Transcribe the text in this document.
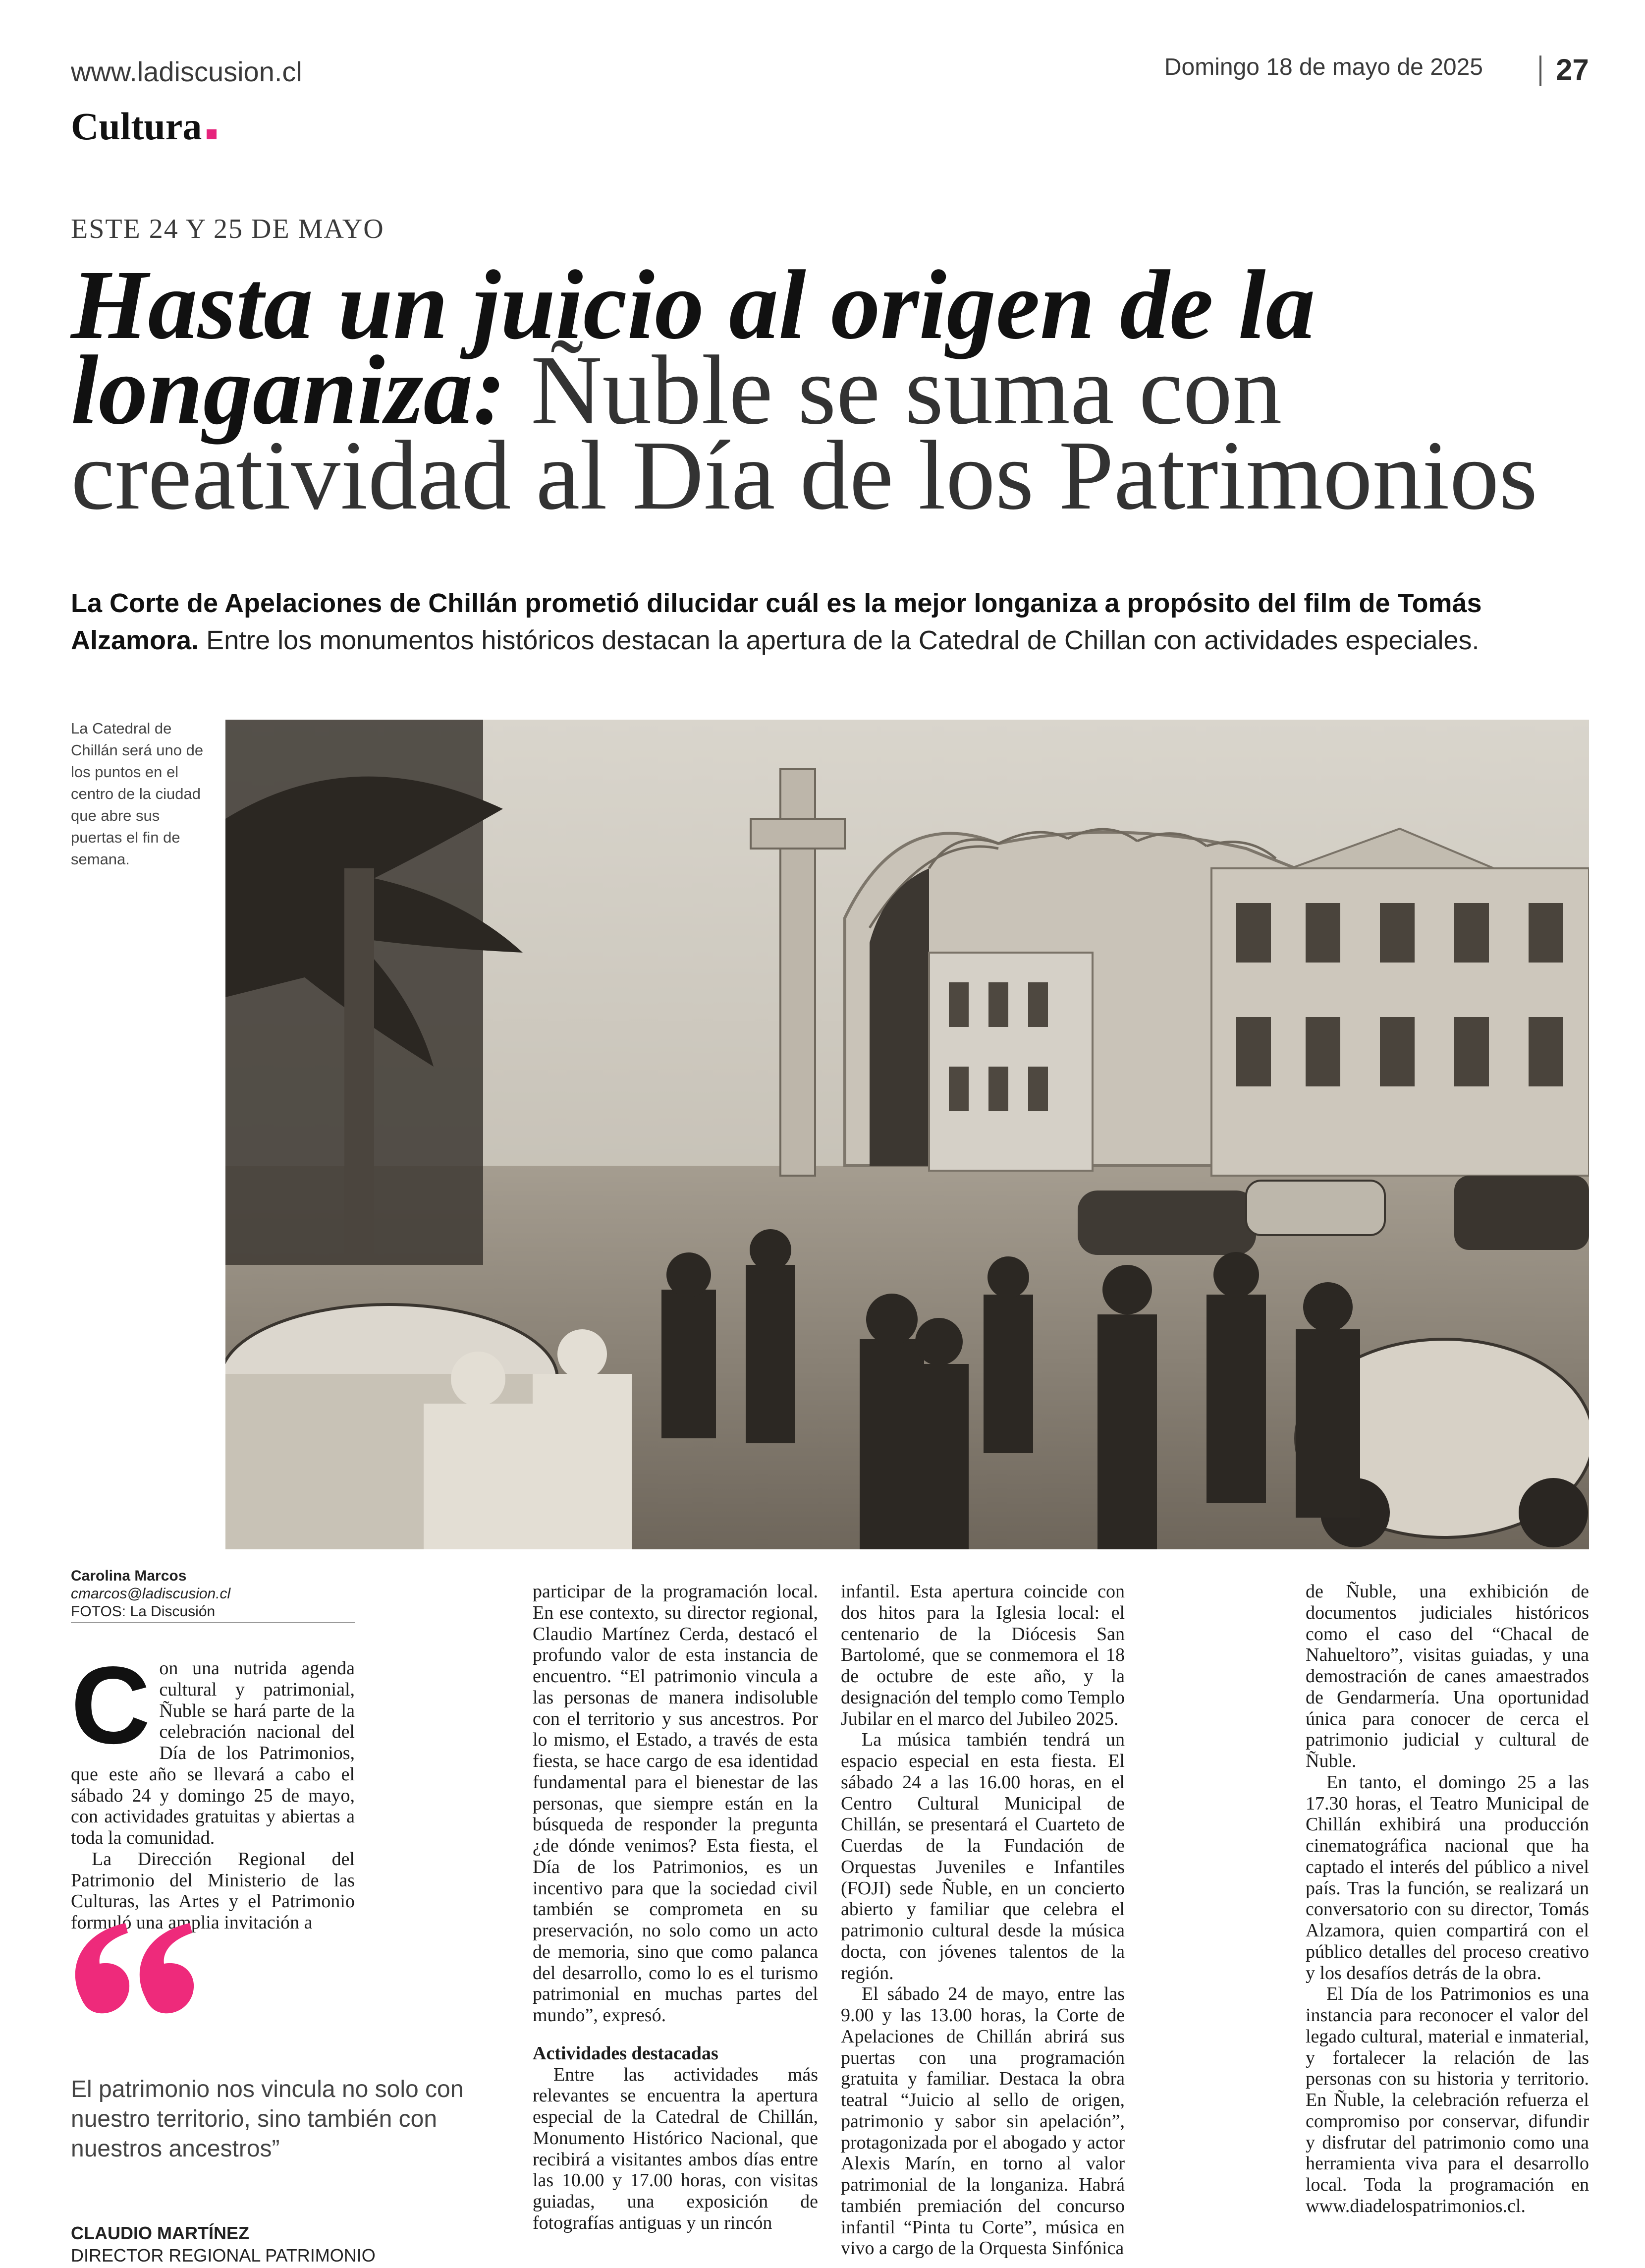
www.ladiscusion.cl	Domingo 18 de mayo de 2025 27
Cultura
ESTE 24 Y 25 DE MAYO
Hasta un juicio al origen de la
longaniza: Ñuble se suma con
creatividad al Día de los Patrimonios
La Corte de Apelaciones de Chillán prometió dilucidar cuál es la mejor longaniza a propósito del film de Tomás Alzamora. Entre los monumentos históricos destacan la apertura de la Catedral de Chillan con actividades especiales.
La Catedral de Chillán será uno de los puntos en el centro de la ciudad que abre sus puertas el fin de semana.
Carolina Marcos
cmarcos@ladiscusion.cl
FOTOS: La Discusión

Con una nutrida agenda cultural y patrimonial, Ñuble se hará parte de la celebración nacional del Día de los Patrimonios, que este año se llevará a cabo el sábado 24 y domingo 25 de mayo, con actividades gratuitas y abiertas a toda la comunidad.

La Dirección Regional del Patrimonio del Ministerio de las Culturas, las Artes y el Patrimonio formuló una amplia invitación a

El patrimonio nos vincula no solo con nuestro territorio, sino también con nuestros ancestros”
CLAUDIO MARTÍNEZ
DIRECTOR REGIONAL PATRIMONIO

participar de la programación local. En ese contexto, su director regional, Claudio Martínez Cerda, destacó el profundo valor de esta instancia de encuentro. “El patrimonio vincula a las personas de manera indisoluble con el territorio y sus ancestros. Por lo mismo, el Estado, a través de esta fiesta, se hace cargo de esa identidad fundamental para el bienestar de las personas, que siempre están en la búsqueda de responder la pregunta ¿de dónde venimos? Esta fiesta, el Día de los Patrimonios, es un incentivo para que la sociedad civil también se comprometa en su preservación, no solo como un acto de memoria, sino que como palanca del desarrollo, como lo es el turismo patrimonial en muchas partes del mundo”, expresó.

Actividades destacadas

Entre las actividades más relevantes se encuentra la apertura especial de la Catedral de Chillán, Monumento Histórico Nacional, que recibirá a visitantes ambos días entre las 10.00 y 17.00 horas, con visitas guiadas, una exposición de fotografías antiguas y un rincón

infantil. Esta apertura coincide con dos hitos para la Iglesia local: el centenario de la Diócesis San Bartolomé, que se conmemora el 18 de octubre de este año, y la designación del templo como Templo Jubilar en el marco del Jubileo 2025.

La música también tendrá un espacio especial en esta fiesta. El sábado 24 a las 16.00 horas, en el Centro Cultural Municipal de Chillán, se presentará el Cuarteto de Cuerdas de la Fundación de Orquestas Juveniles e Infantiles (FOJI) sede Ñuble, en un concierto abierto y familiar que celebra el patrimonio cultural desde la música docta, con jóvenes talentos de la región.

El sábado 24 de mayo, entre las 9.00 y las 13.00 horas, la Corte de Apelaciones de Chillán abrirá sus puertas con una programación gratuita y familiar. Destaca la obra teatral “Juicio al sello de origen, patrimonio y sabor sin apelación”, protagonizada por el abogado y actor Alexis Marín, en torno al valor patrimonial de la longaniza. Habrá también premiación del concurso infantil “Pinta tu Corte”, música en vivo a cargo de la Orquesta Sinfónica

de Ñuble, una exhibición de documentos judiciales históricos como el caso del “Chacal de Nahueltoro”, visitas guiadas, y una demostración de canes amaestrados de Gendarmería. Una oportunidad única para conocer de cerca el patrimonio judicial y cultural de Ñuble.

En tanto, el domingo 25 a las 17.30 horas, el Teatro Municipal de Chillán exhibirá una producción cinematográfica nacional que ha captado el interés del público a nivel país. Tras la función, se realizará un conversatorio con su director, Tomás Alzamora, quien compartirá con el público detalles del proceso creativo y los desafíos detrás de la obra.

El Día de los Patrimonios es una instancia para reconocer el valor del legado cultural, material e inmaterial, y fortalecer la relación de las personas con su historia y territorio. En Ñuble, la celebración refuerza el compromiso por conservar, difundir y disfrutar del patrimonio como una herramienta viva para el desarrollo local. Toda la programación en www.diadelospatrimonios.cl.
